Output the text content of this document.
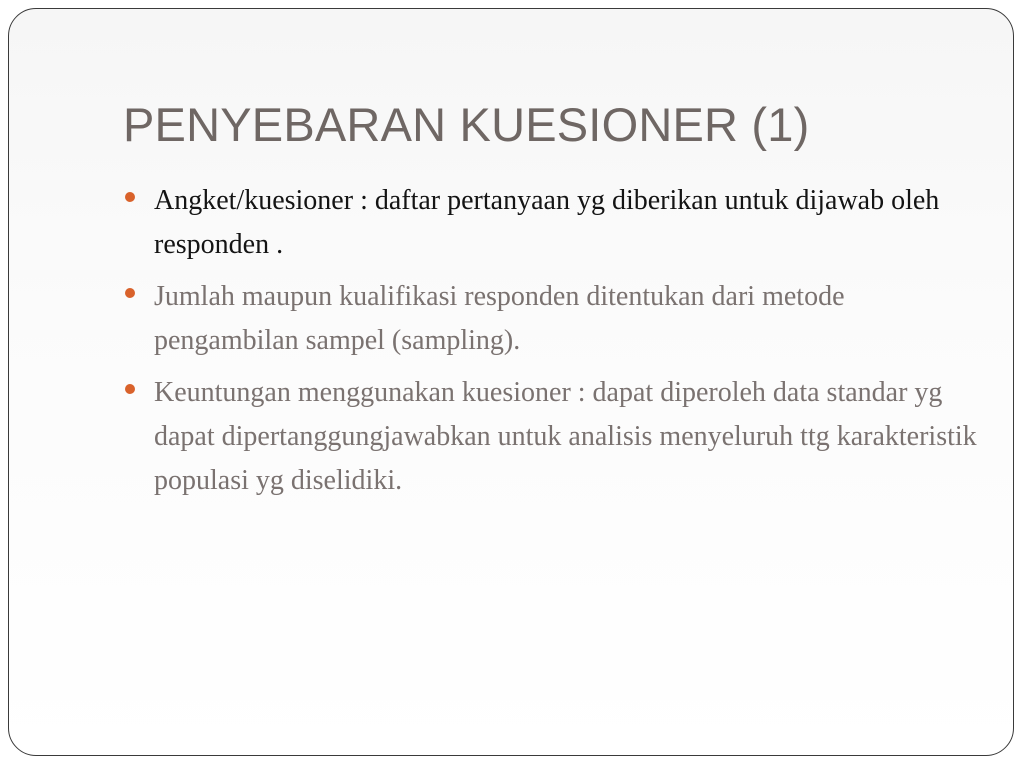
PENYEBARAN KUESIONER (1)
Angket/kuesioner : daftar pertanyaan yg diberikan untuk dijawab oleh responden .
Jumlah maupun kualifikasi responden ditentukan dari metode pengambilan sampel (sampling).
Keuntungan menggunakan kuesioner : dapat diperoleh data standar yg dapat dipertanggungjawabkan untuk analisis menyeluruh ttg karakteristik populasi yg diselidiki.
